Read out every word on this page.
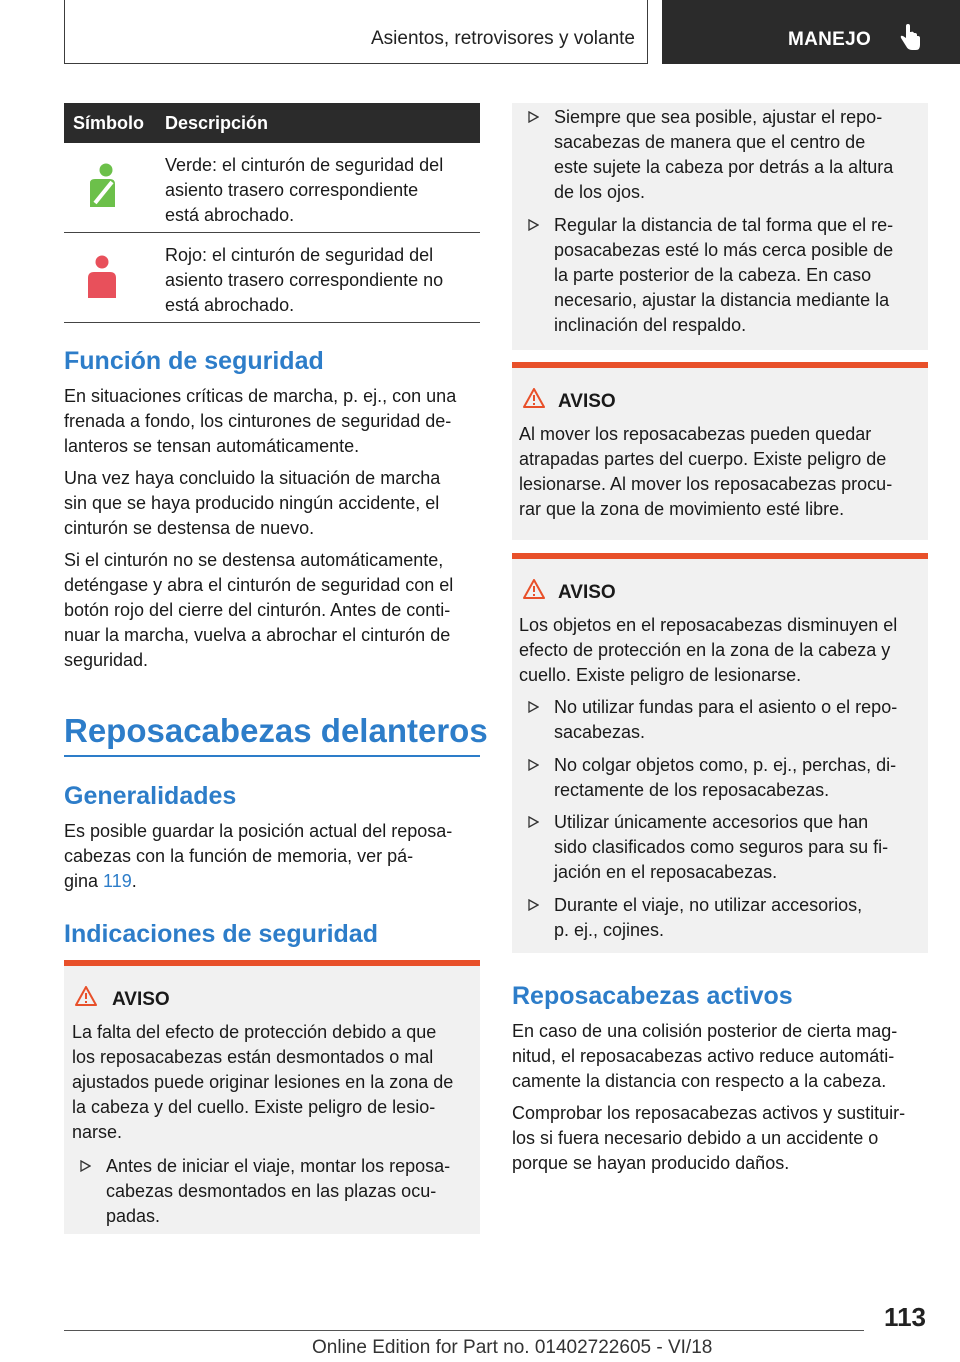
Asientos, retrovisores y volante	MANEJO
Símbolo Descripción
Verde: el cinturón de seguridad del
asiento trasero correspondiente
está abrochado.
Rojo: el cinturón de seguridad del
asiento trasero correspondiente no
está abrochado.
Función de seguridad

En situaciones críticas de marcha, p. ej., con una
frenada a fondo, los cinturones de seguridad de-
lanteros se tensan automáticamente.

Una vez haya concluido la situación de marcha
sin que se haya producido ningún accidente, el
cinturón se destensa de nuevo.

Si el cinturón no se destensa automáticamente,
deténgase y abra el cinturón de seguridad con el
botón rojo del cierre del cinturón. Antes de conti-
nuar la marcha, vuelva a abrochar el cinturón de
seguridad.

Reposacabezas delanteros
Generalidades

Es posible guardar la posición actual del reposa-
cabezas con la función de memoria, ver pá-
gina 119.

Indicaciones de seguridad
AVISO

La falta del efecto de protección debido a que
los reposacabezas están desmontados o mal
ajustados puede originar lesiones en la zona de
la cabeza y del cuello. Existe peligro de lesio-
narse.

Antes de iniciar el viaje, montar los reposa-
cabezas desmontados en las plazas ocu-
padas.
Siempre que sea posible, ajustar el repo-
sacabezas de manera que el centro de
este sujete la cabeza por detrás a la altura
de los ojos.
Regular la distancia de tal forma que el re-
posacabezas esté lo más cerca posible de
la parte posterior de la cabeza. En caso
necesario, ajustar la distancia mediante la
inclinación del respaldo.
AVISO

Al mover los reposacabezas pueden quedar
atrapadas partes del cuerpo. Existe peligro de
lesionarse. Al mover los reposacabezas procu-
rar que la zona de movimiento esté libre.

AVISO

Los objetos en el reposacabezas disminuyen el
efecto de protección en la zona de la cabeza y
cuello. Existe peligro de lesionarse.

No utilizar fundas para el asiento o el repo-
sacabezas.
No colgar objetos como, p. ej., perchas, di-
rectamente de los reposacabezas.
Utilizar únicamente accesorios que han
sido clasificados como seguros para su fi-
jación en el reposacabezas.
Durante el viaje, no utilizar accesorios,
p. ej., cojines.
Reposacabezas activos

En caso de una colisión posterior de cierta mag-
nitud, el reposacabezas activo reduce automáti-
camente la distancia con respecto a la cabeza.

Comprobar los reposacabezas activos y sustituir-
los si fuera necesario debido a un accidente o
porque se hayan producido daños.

113
Online Edition for Part no. 01402722605 - VI/18
